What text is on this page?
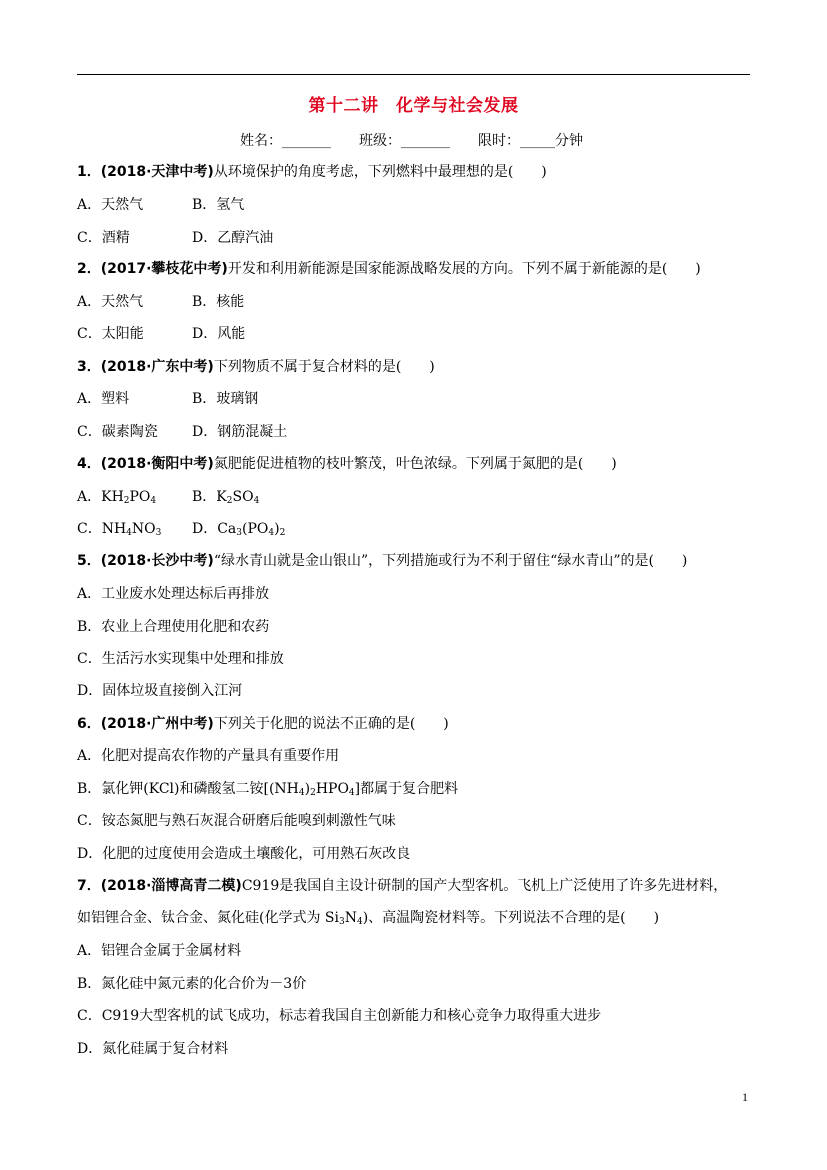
第十二讲　化学与社会发展
姓名：_______　　 班级：_______　　 限时：_____分钟
1．(2018·天津中考)从环境保护的角度考虑，下列燃料中最理想的是(　　)
A．天然气	B．氢气
C．酒精	D．乙醇汽油
2．(2017·攀枝花中考)开发和利用新能源是国家能源战略发展的方向。下列不属于新能源的是(　　)
A．天然气	B．核能
C．太阳能	D．风能
3．(2018·广东中考)下列物质不属于复合材料的是(　　)
A．塑料	B．玻璃钢
C．碳素陶瓷 D．钢筋混凝土
4．(2018·衡阳中考)氮肥能促进植物的枝叶繁茂，叶色浓绿。下列属于氮肥的是(　　)
A．$KH_2PO_4$	B．$K_2SO_4$
C．$NH_4NO_3$ D．$Ca_3(PO_4)_2$
5．(2018·长沙中考)“绿水青山就是金山银山”，下列措施或行为不利于留住“绿水青山”的是(　　)
A．工业废水处理达标后再排放
B．农业上合理使用化肥和农药
C．生活污水实现集中处理和排放
D．固体垃圾直接倒入江河
6．(2018·广州中考)下列关于化肥的说法不正确的是(　　)
A．化肥对提高农作物的产量具有重要作用
B．氯化钾(KCl)和磷酸氢二铵$[(NH_4)_2HPO_4]$都属于复合肥料
C．铵态氮肥与熟石灰混合研磨后能嗅到刺激性气味
D．化肥的过度使用会造成土壤酸化，可用熟石灰改良
7．(2018·淄博高青二模)C919是我国自主设计研制的国产大型客机。飞机上广泛使用了许多先进材料，
如铝锂合金、钛合金、氮化硅(化学式为 $Si_3N_4$)、高温陶瓷材料等。下列说法不合理的是(　　)
A．铝锂合金属于金属材料
B．氮化硅中氮元素的化合价为－3价
C．C919大型客机的试飞成功，标志着我国自主创新能力和核心竞争力取得重大进步
D．氮化硅属于复合材料
1
